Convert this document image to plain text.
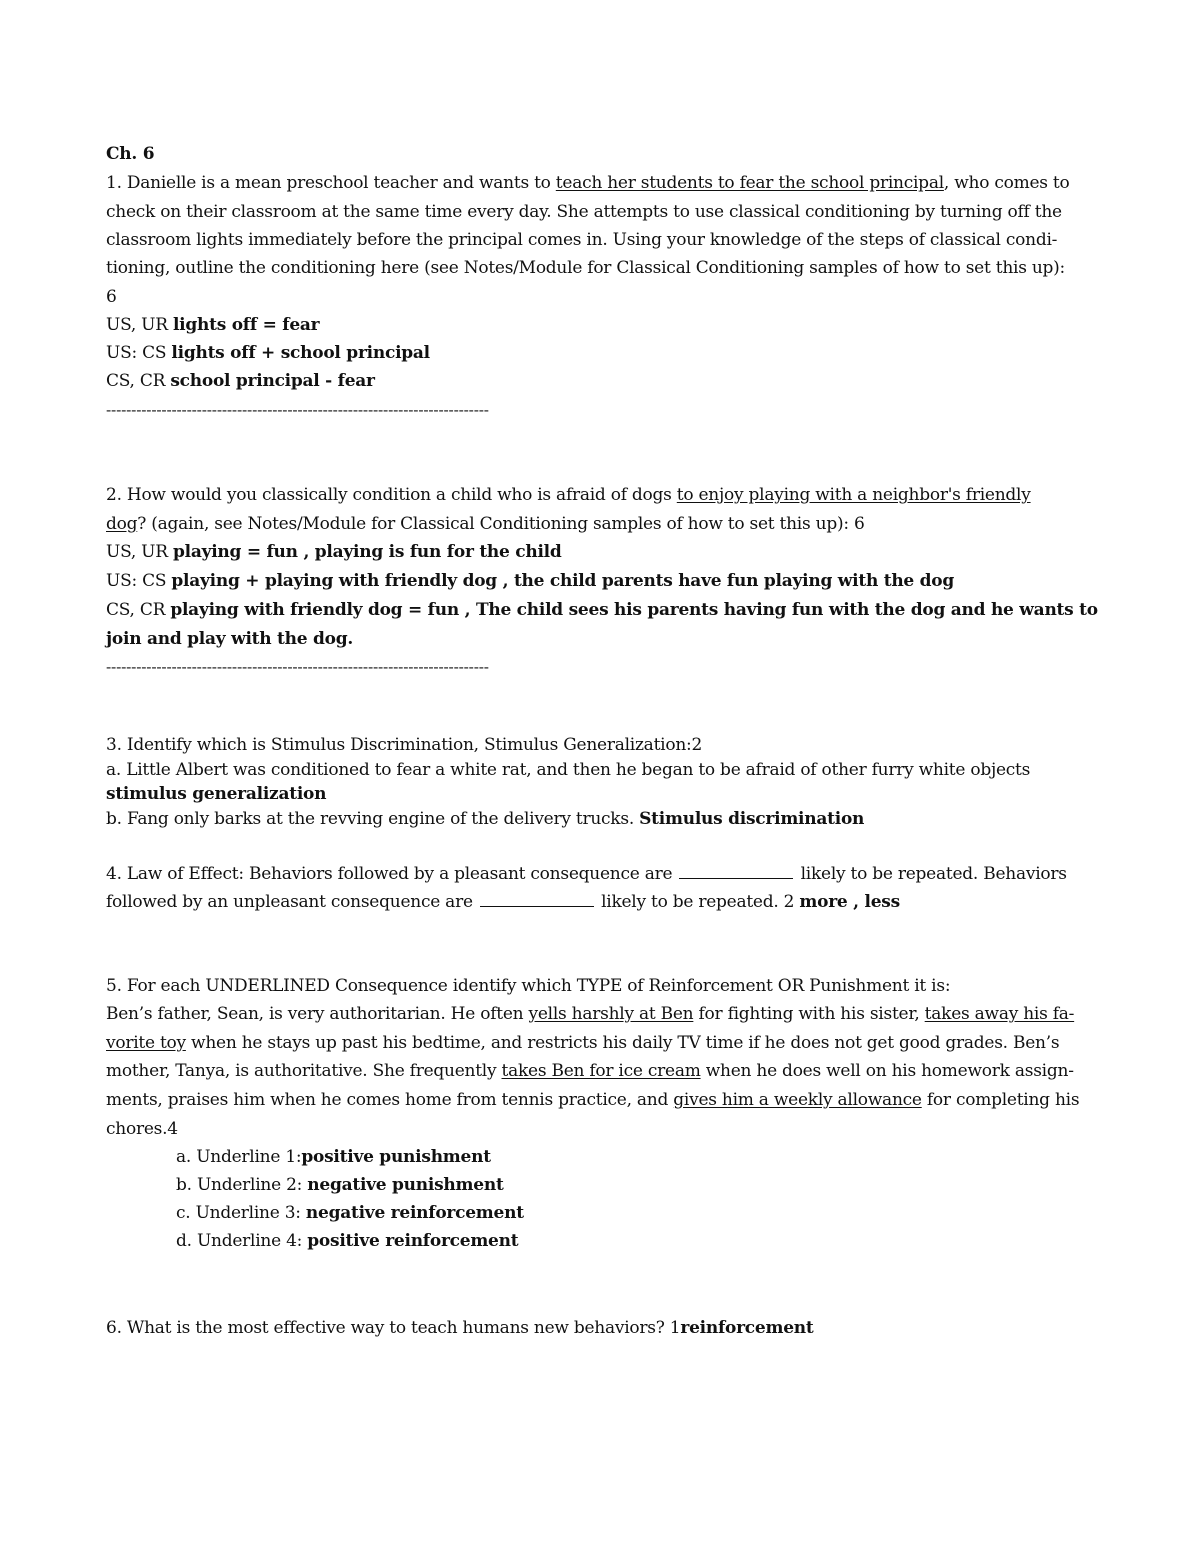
Ch. 6
1. Danielle is a mean preschool teacher and wants to teach her students to fear the school principal, who comes to
check on their classroom at the same time every day. She attempts to use classical conditioning by turning off the
classroom lights immediately before the principal comes in. Using your knowledge of the steps of classical condi-
tioning, outline the conditioning here (see Notes/Module for Classical Conditioning samples of how to set this up):
6
US, UR lights off = fear
US: CS lights off + school principal
CS, CR school principal - fear
----------------------------------------------------------------------------
2. How would you classically condition a child who is afraid of dogs to enjoy playing with a neighbor's friendly
dog? (again, see Notes/Module for Classical Conditioning samples of how to set this up): 6
US, UR playing = fun , playing is fun for the child
US: CS playing + playing with friendly dog , the child parents have fun playing with the dog
CS, CR playing with friendly dog = fun , The child sees his parents having fun with the dog and he wants to
join and play with the dog.
----------------------------------------------------------------------------
3. Identify which is Stimulus Discrimination, Stimulus Generalization:2
a. Little Albert was conditioned to fear a white rat, and then he began to be afraid of other furry white objects
stimulus generalization
b. Fang only barks at the revving engine of the delivery trucks. Stimulus discrimination
4. Law of Effect: Behaviors followed by a pleasant consequence are	likely to be repeated. Behaviors
followed by an unpleasant consequence are	likely to be repeated. 2 more , less
5. For each UNDERLINED Consequence identify which TYPE of Reinforcement OR Punishment it is:
Ben’s father, Sean, is very authoritarian. He often yells harshly at Ben for fighting with his sister, takes away his fa-
vorite toy when he stays up past his bedtime, and restricts his daily TV time if he does not get good grades. Ben’s
mother, Tanya, is authoritative. She frequently takes Ben for ice cream when he does well on his homework assign-
ments, praises him when he comes home from tennis practice, and gives him a weekly allowance for completing his
chores.4
a. Underline 1:positive punishment
b. Underline 2: negative punishment
c. Underline 3: negative reinforcement
d. Underline 4: positive reinforcement
6. What is the most effective way to teach humans new behaviors? 1reinforcement
